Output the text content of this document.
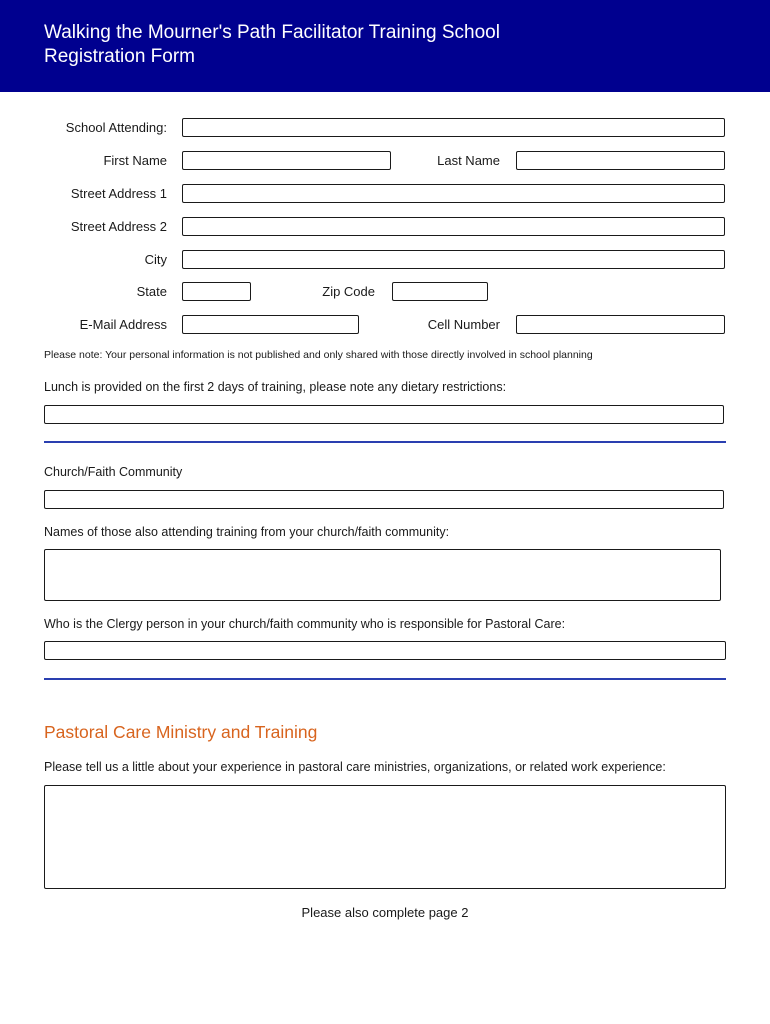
Walking the Mourner's Path Facilitator Training School
Registration Form
School Attending:
First Name	Last Name
Street Address 1
Street Address 2
City
State	Zip Code
E-Mail Address	Cell Number
Please note: Your personal information is not published and only shared with those directly involved in school planning
Lunch is provided on the first 2 days of training, please note any dietary restrictions:
Church/Faith Community
Names of those also attending training from your church/faith community:
Who is the Clergy person in your church/faith community who is responsible for Pastoral Care:
Pastoral Care Ministry and Training
Please tell us a little about your experience in pastoral care ministries, organizations, or related work experience:
Please also complete page 2
